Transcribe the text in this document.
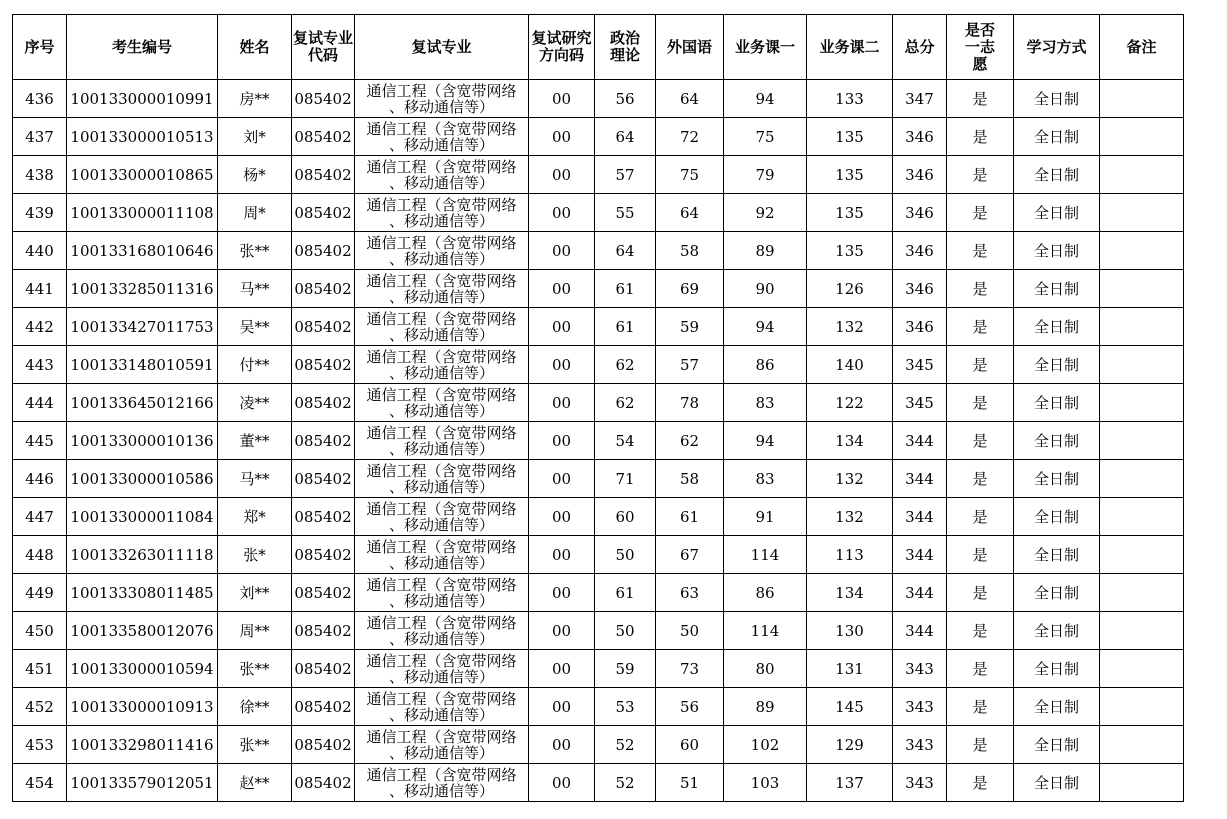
序号	考生编号	姓名	复试专业代码	复试专业	复试研究方向码	政治理论	外国语	业务课一	业务课二	总分	是否一志愿	学习方式	备注
436	100133000010991	房**	085402	通信工程（含宽带网络
、移动通信等）	00	56	64	94	133	347	是	全日制	
437	100133000010513	刘*	085402	通信工程（含宽带网络
、移动通信等）	00	64	72	75	135	346	是	全日制	
438	100133000010865	杨*	085402	通信工程（含宽带网络
、移动通信等）	00	57	75	79	135	346	是	全日制	
439	100133000011108	周*	085402	通信工程（含宽带网络
、移动通信等）	00	55	64	92	135	346	是	全日制	
440	100133168010646	张**	085402	通信工程（含宽带网络
、移动通信等）	00	64	58	89	135	346	是	全日制	
441	100133285011316	马**	085402	通信工程（含宽带网络
、移动通信等）	00	61	69	90	126	346	是	全日制	
442	100133427011753	吴**	085402	通信工程（含宽带网络
、移动通信等）	00	61	59	94	132	346	是	全日制	
443	100133148010591	付**	085402	通信工程（含宽带网络
、移动通信等）	00	62	57	86	140	345	是	全日制	
444	100133645012166	凌**	085402	通信工程（含宽带网络
、移动通信等）	00	62	78	83	122	345	是	全日制	
445	100133000010136	董**	085402	通信工程（含宽带网络
、移动通信等）	00	54	62	94	134	344	是	全日制	
446	100133000010586	马**	085402	通信工程（含宽带网络
、移动通信等）	00	71	58	83	132	344	是	全日制	
447	100133000011084	郑*	085402	通信工程（含宽带网络
、移动通信等）	00	60	61	91	132	344	是	全日制	
448	100133263011118	张*	085402	通信工程（含宽带网络
、移动通信等）	00	50	67	114	113	344	是	全日制	
449	100133308011485	刘**	085402	通信工程（含宽带网络
、移动通信等）	00	61	63	86	134	344	是	全日制	
450	100133580012076	周**	085402	通信工程（含宽带网络
、移动通信等）	00	50	50	114	130	344	是	全日制	
451	100133000010594	张**	085402	通信工程（含宽带网络
、移动通信等）	00	59	73	80	131	343	是	全日制	
452	100133000010913	徐**	085402	通信工程（含宽带网络
、移动通信等）	00	53	56	89	145	343	是	全日制	
453	100133298011416	张**	085402	通信工程（含宽带网络
、移动通信等）	00	52	60	102	129	343	是	全日制	
454	100133579012051	赵**	085402	通信工程（含宽带网络
、移动通信等）	00	52	51	103	137	343	是	全日制	
